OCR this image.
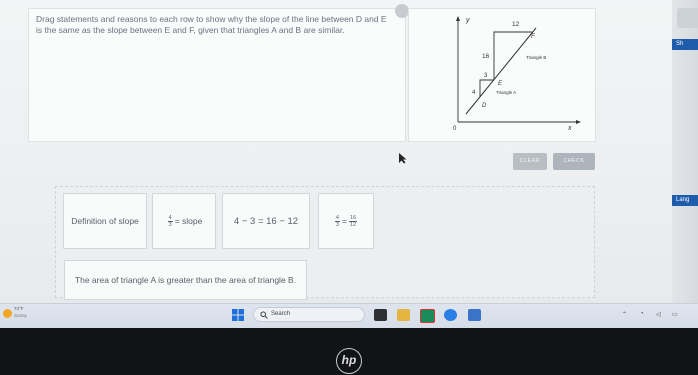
Sh
Lang
Drag statements and reasons to each row to show why the slope of the line between D and E is the same as the slope between E and F, given that triangles A and B are similar.
y
x
0
4
3
16
12
D
E
F
Triangle A
Triangle B
CLEAR	CHECK
Definition of slope	$\frac{4}{3}$ = slope	4 − 3 = 16 − 12	$\frac{4}{3} = \frac{16}{12}$
The area of triangle A is greater than the area of triangle B.
74°F
Sunny	Search	⌃ ◔ ◁ ▭
hp
